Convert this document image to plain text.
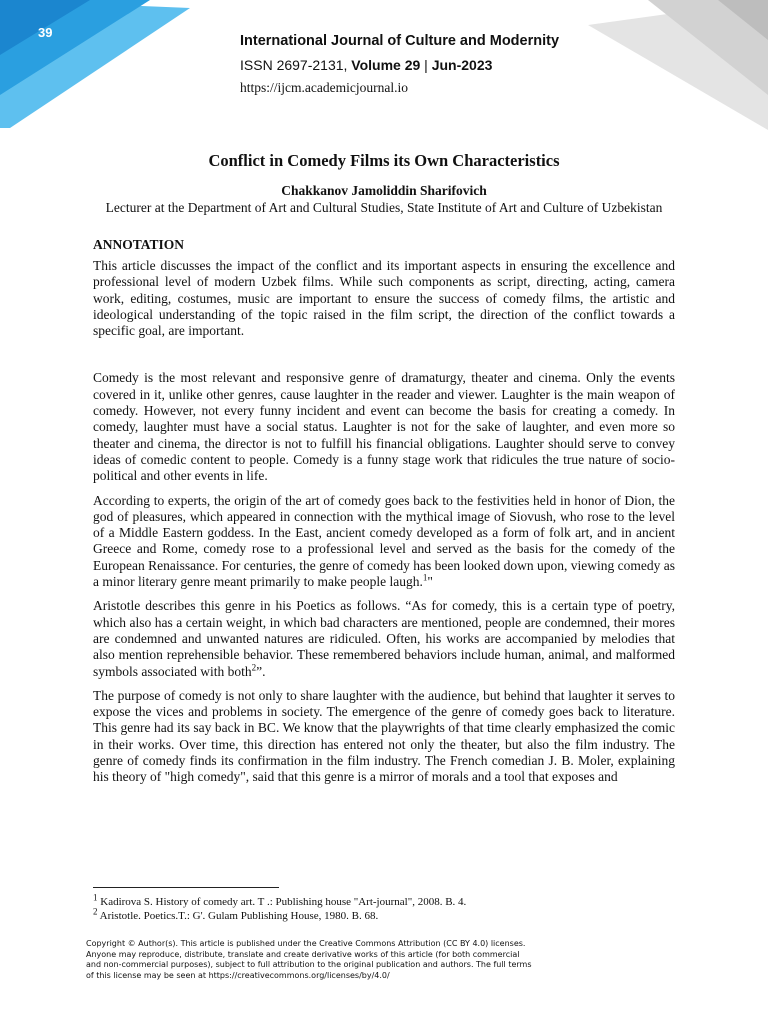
39
International Journal of Culture and Modernity
ISSN 2697-2131, Volume 29 | Jun-2023
https://ijcm.academicjournal.io
Conflict in Comedy Films its Own Characteristics
Chakkanov Jamoliddin Sharifovich
Lecturer at the Department of Art and Cultural Studies, State Institute of Art and Culture of Uzbekistan
ANNOTATION

This article discusses the impact of the conflict and its important aspects in ensuring the excellence and professional level of modern Uzbek films. While such components as script, directing, acting, camera work, editing, costumes, music are important to ensure the success of comedy films, the artistic and ideological understanding of the topic raised in the film script, the direction of the conflict towards a specific goal, are important.

Comedy is the most relevant and responsive genre of dramaturgy, theater and cinema. Only the events covered in it, unlike other genres, cause laughter in the reader and viewer. Laughter is the main weapon of comedy. However, not every funny incident and event can become the basis for creating a comedy. In comedy, laughter must have a social status. Laughter is not for the sake of laughter, and even more so theater and cinema, the director is not to fulfill his financial obligations. Laughter should serve to convey ideas of comedic content to people. Comedy is a funny stage work that ridicules the true nature of socio-political and other events in life.

According to experts, the origin of the art of comedy goes back to the festivities held in honor of Dion, the god of pleasures, which appeared in connection with the mythical image of Siovush, who rose to the level of a Middle Eastern goddess. In the East, ancient comedy developed as a form of folk art, and in ancient Greece and Rome, comedy rose to a professional level and served as the basis for the comedy of the European Renaissance. For centuries, the genre of comedy has been looked down upon, viewing comedy as a minor literary genre meant primarily to make people laugh.$^1$"

Aristotle describes this genre in his Poetics as follows. “As for comedy, this is a certain type of poetry, which also has a certain weight, in which bad characters are mentioned, people are condemned, their mores are condemned and unwanted natures are ridiculed. Often, his works are accompanied by melodies that also mention reprehensible behavior. These remembered behaviors include human, animal, and malformed symbols associated with both$^2$”.

The purpose of comedy is not only to share laughter with the audience, but behind that laughter it serves to expose the vices and problems in society. The emergence of the genre of comedy goes back to literature. This genre had its say back in BC. We know that the playwrights of that time clearly emphasized the comic in their works. Over time, this direction has entered not only the theater, but also the film industry. The genre of comedy finds its confirmation in the film industry. The French comedian J. B. Moler, explaining his theory of "high comedy", said that this genre is a mirror of morals and a tool that exposes and

$^1$ Kadirova S. History of comedy art. T .: Publishing house "Art-journal", 2008. B. 4.
$^2$ Aristotle. Poetics.T.: G'. Gulam Publishing House, 1980. B. 68.
Copyright © Author(s). This article is published under the Creative Commons Attribution (CC BY 4.0) licenses.
Anyone may reproduce, distribute, translate and create derivative works of this article (for both commercial
and non-commercial purposes), subject to full attribution to the original publication and authors. The full terms
of this license may be seen at https://creativecommons.org/licenses/by/4.0/
